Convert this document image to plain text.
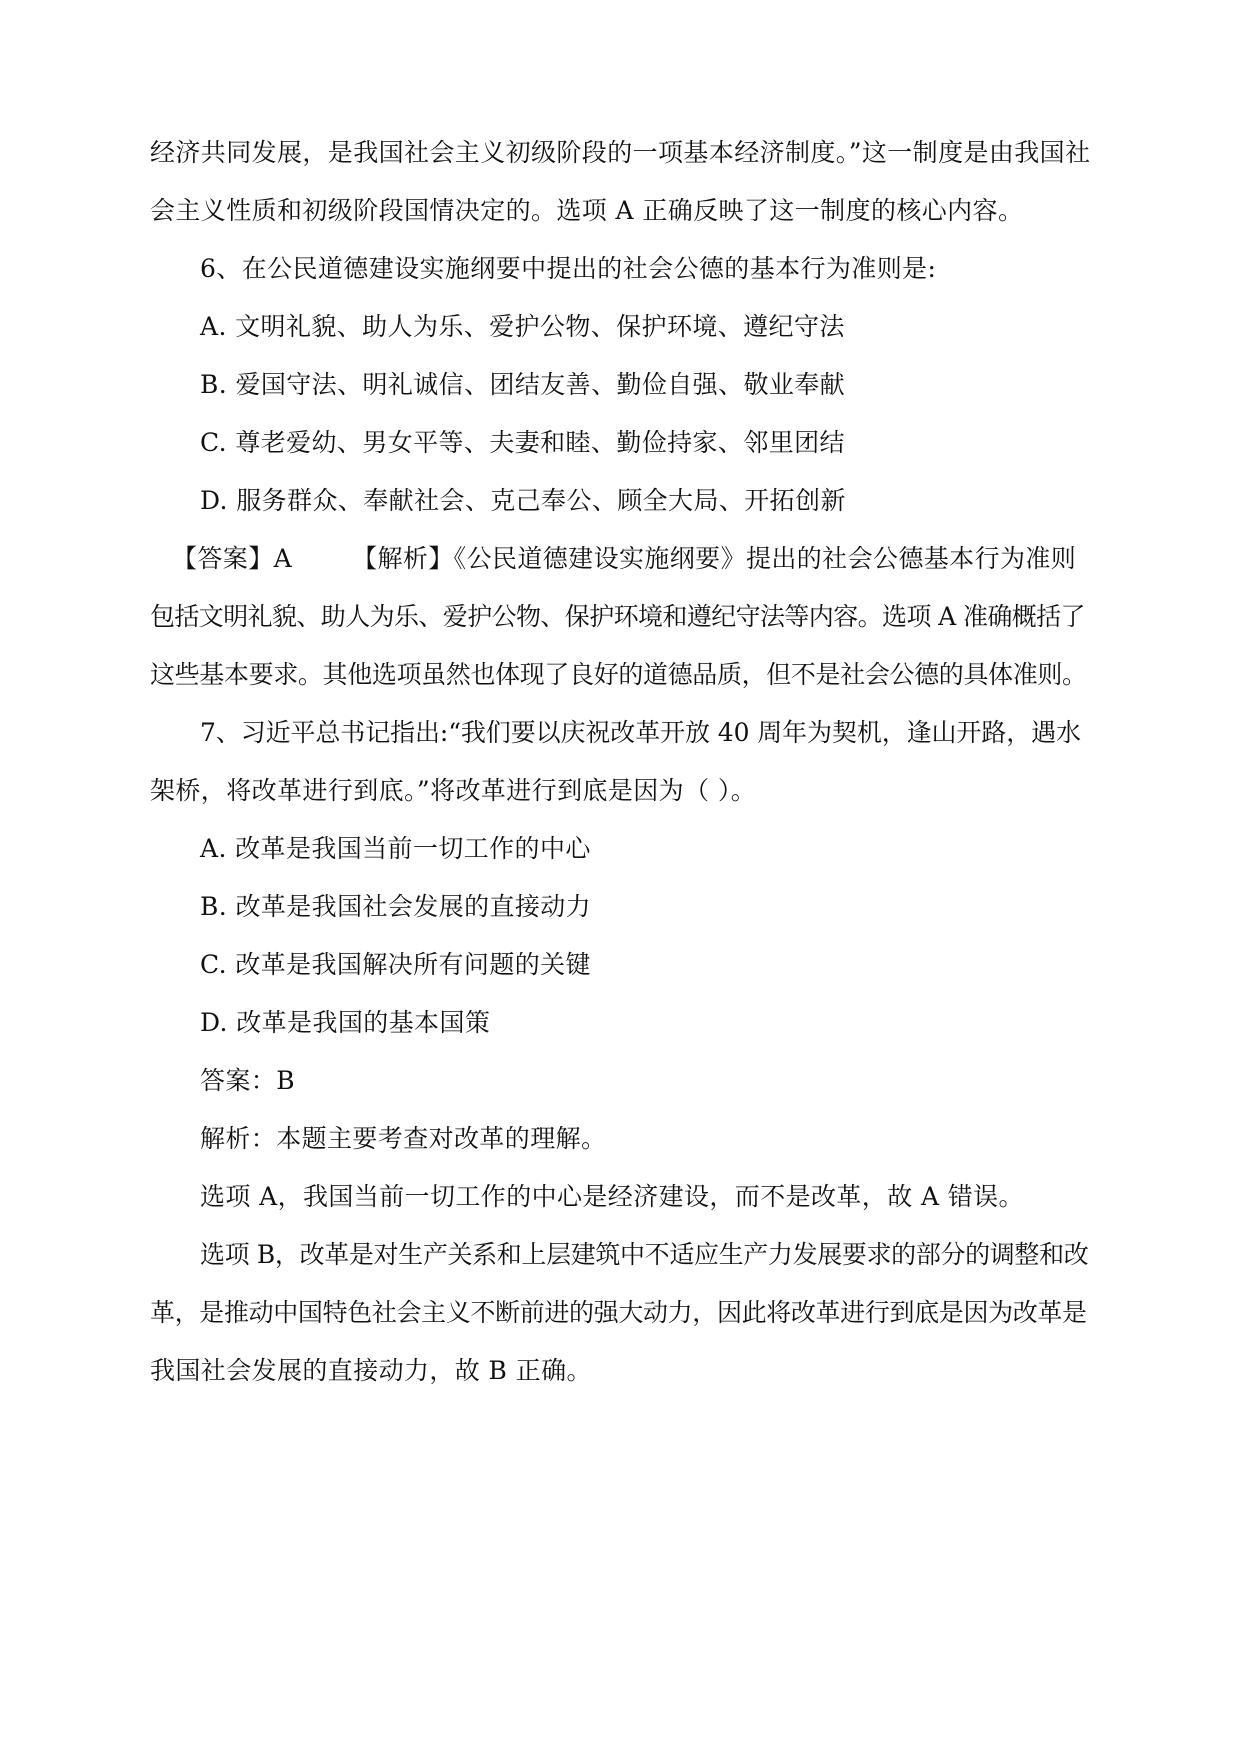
经济共同发展，是我国社会主义初级阶段的一项基本经济制度。”这一制度是由我国社
会主义性质和初级阶段国情决定的。选项 A 正确反映了这一制度的核心内容。
6、在公民道德建设实施纲要中提出的社会公德的基本行为准则是:
A. 文明礼貌、助人为乐、爱护公物、保护环境、遵纪守法
B. 爱国守法、明礼诚信、团结友善、勤俭自强、敬业奉献
C. 尊老爱幼、男女平等、夫妻和睦、勤俭持家、邻里团结
D. 服务群众、奉献社会、克己奉公、顾全大局、开拓创新
【答案】A 【解析】《公民道德建设实施纲要》提出的社会公德基本行为准则
包括文明礼貌、助人为乐、爱护公物、保护环境和遵纪守法等内容。选项 A 准确概括了
这些基本要求。其他选项虽然也体现了良好的道德品质，但不是社会公德的具体准则。
7、习近平总书记指出:“我们要以庆祝改革开放 40 周年为契机，逢山开路，遇水
架桥，将改革进行到底。”将改革进行到底是因为（ ）。
A. 改革是我国当前一切工作的中心
B. 改革是我国社会发展的直接动力
C. 改革是我国解决所有问题的关键
D. 改革是我国的基本国策
答案：B
解析：本题主要考查对改革的理解。
选项 A，我国当前一切工作的中心是经济建设，而不是改革，故 A 错误。
选项 B，改革是对生产关系和上层建筑中不适应生产力发展要求的部分的调整和改
革，是推动中国特色社会主义不断前进的强大动力，因此将改革进行到底是因为改革是
我国社会发展的直接动力，故 B 正确。
